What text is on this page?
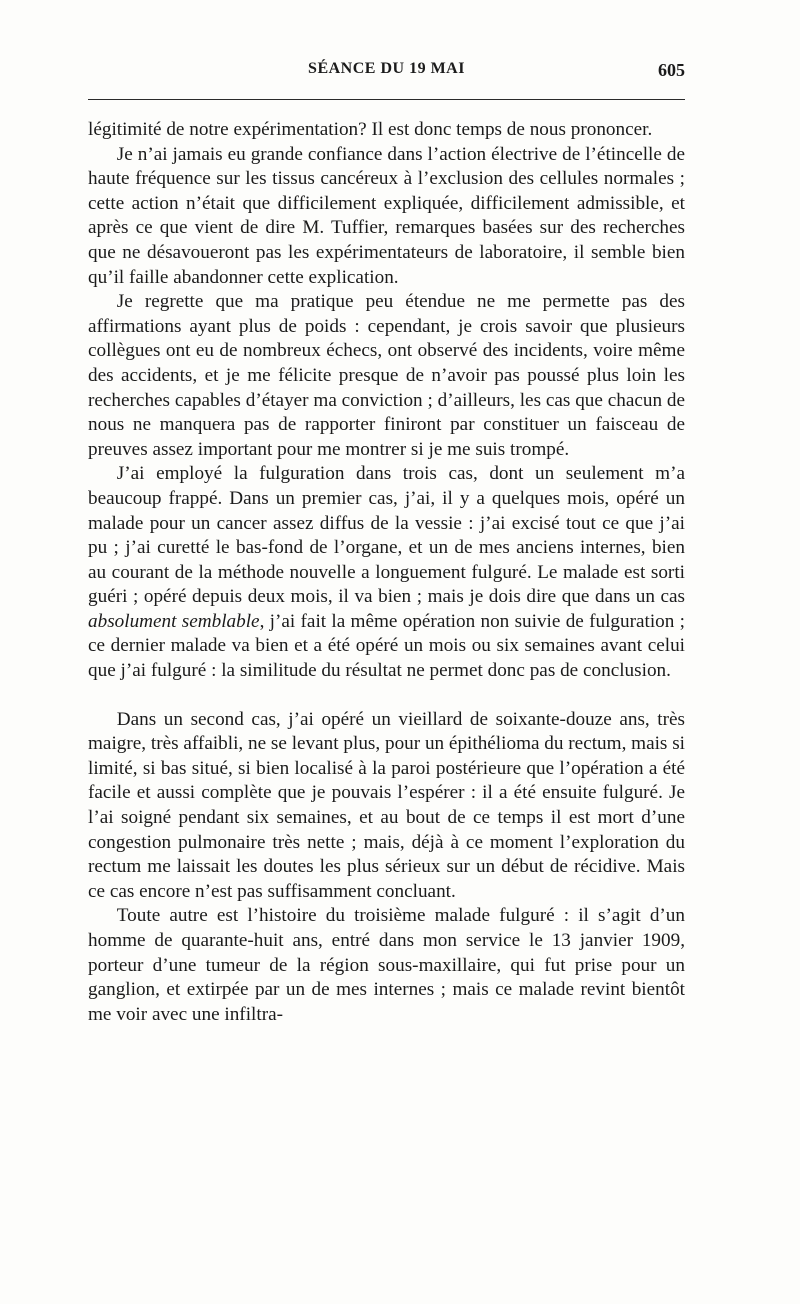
SÉANCE DU 19 MAI	605

légitimité de notre expérimentation? Il est donc temps de nous prononcer.

Je n’ai jamais eu grande confiance dans l’action électrive de l’étincelle de haute fréquence sur les tissus cancéreux à l’exclusion des cellules normales ; cette action n’était que difficilement expliquée, difficilement admissible, et après ce que vient de dire M. Tuffier, remarques basées sur des recherches que ne désavoueront pas les expérimentateurs de laboratoire, il semble bien qu’il faille abandonner cette explication.

Je regrette que ma pratique peu étendue ne me permette pas des affirmations ayant plus de poids : cependant, je crois savoir que plusieurs collègues ont eu de nombreux échecs, ont observé des incidents, voire même des accidents, et je me félicite presque de n’avoir pas poussé plus loin les recherches capables d’étayer ma conviction ; d’ailleurs, les cas que chacun de nous ne manquera pas de rapporter finiront par constituer un faisceau de preuves assez important pour me montrer si je me suis trompé.

J’ai employé la fulguration dans trois cas, dont un seulement m’a beaucoup frappé. Dans un premier cas, j’ai, il y a quelques mois, opéré un malade pour un cancer assez diffus de la vessie : j’ai excisé tout ce que j’ai pu ; j’ai curetté le bas-fond de l’organe, et un de mes anciens internes, bien au courant de la méthode nouvelle a longuement fulguré. Le malade est sorti guéri ; opéré depuis deux mois, il va bien ; mais je dois dire que dans un cas absolument semblable, j’ai fait la même opération non suivie de fulguration ; ce dernier malade va bien et a été opéré un mois ou six semaines avant celui que j’ai fulguré : la similitude du résultat ne permet donc pas de conclusion.

Dans un second cas, j’ai opéré un vieillard de soixante-douze ans, très maigre, très affaibli, ne se levant plus, pour un épithélioma du rectum, mais si limité, si bas situé, si bien localisé à la paroi postérieure que l’opération a été facile et aussi complète que je pouvais l’espérer : il a été ensuite fulguré. Je l’ai soigné pendant six semaines, et au bout de ce temps il est mort d’une congestion pulmonaire très nette ; mais, déjà à ce moment l’exploration du rectum me laissait les doutes les plus sérieux sur un début de récidive. Mais ce cas encore n’est pas suffisamment concluant.

Toute autre est l’histoire du troisième malade fulguré : il s’agit d’un homme de quarante-huit ans, entré dans mon service le 13 janvier 1909, porteur d’une tumeur de la région sous-maxillaire, qui fut prise pour un ganglion, et extirpée par un de mes internes ; mais ce malade revint bientôt me voir avec une infiltra-
